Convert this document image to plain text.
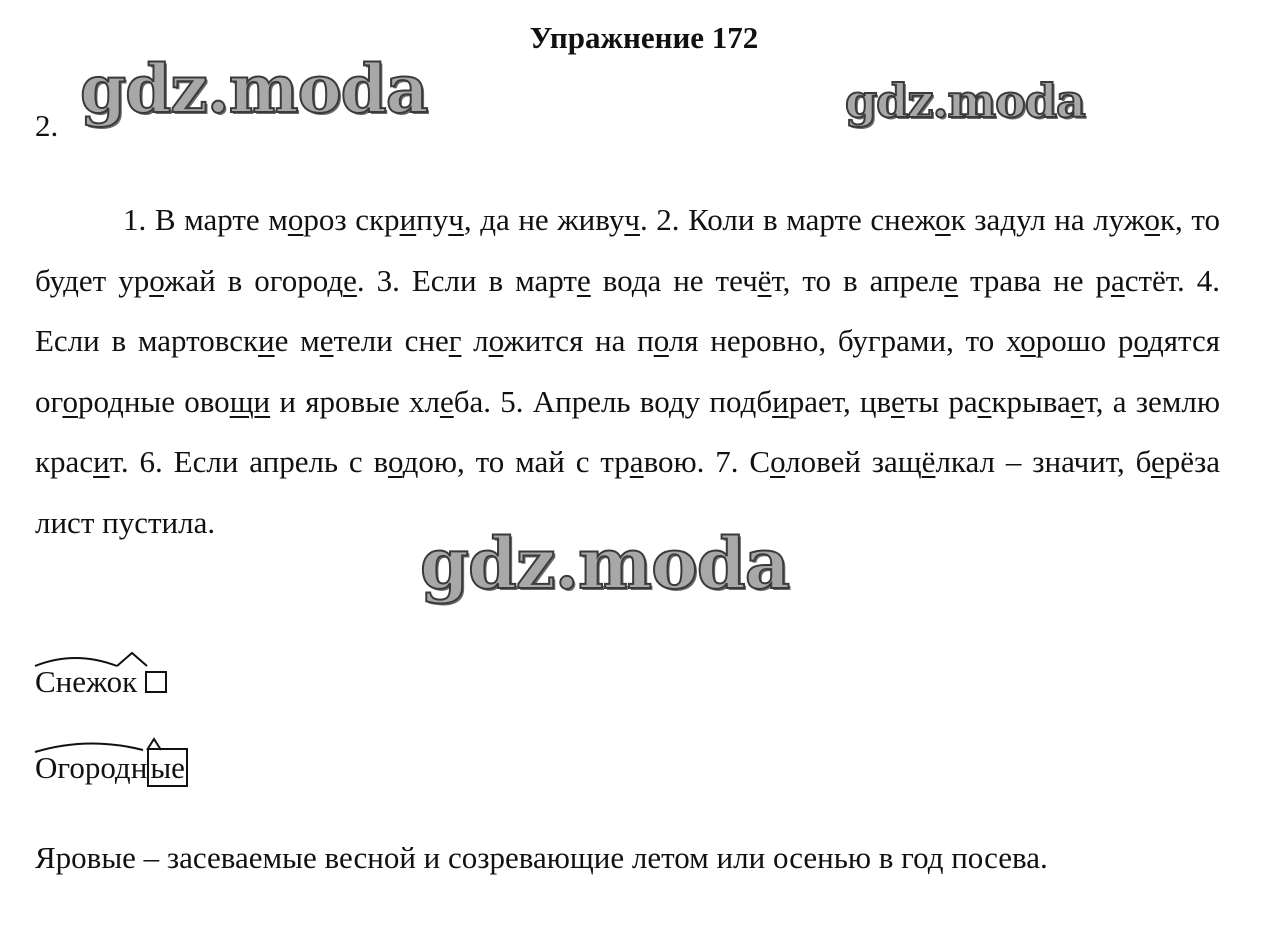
Упражнение 172
2. gdz.moda	gdz.moda
1. В марте мороз скрипуч, да не живуч. 2. Коли в марте снежок задул на лужок, то будет урожай в огороде. 3. Если в марте вода не течёт, то в апреле трава не растёт. 4. Если в мартовские метели снег ложится на поля неровно, буграми, то хорошо родятся огородные овощи и яровые хлеба. 5. Апрель воду подбирает, цветы раскрывает, а землю красит. 6. Если апрель с водою, то май с травою. 7. Соловей защёлкал – значит, берёза лист пустила.	gdz.moda
Снежок
Огородные
Яровые – засеваемые весной и созревающие летом или осенью в год посева.
